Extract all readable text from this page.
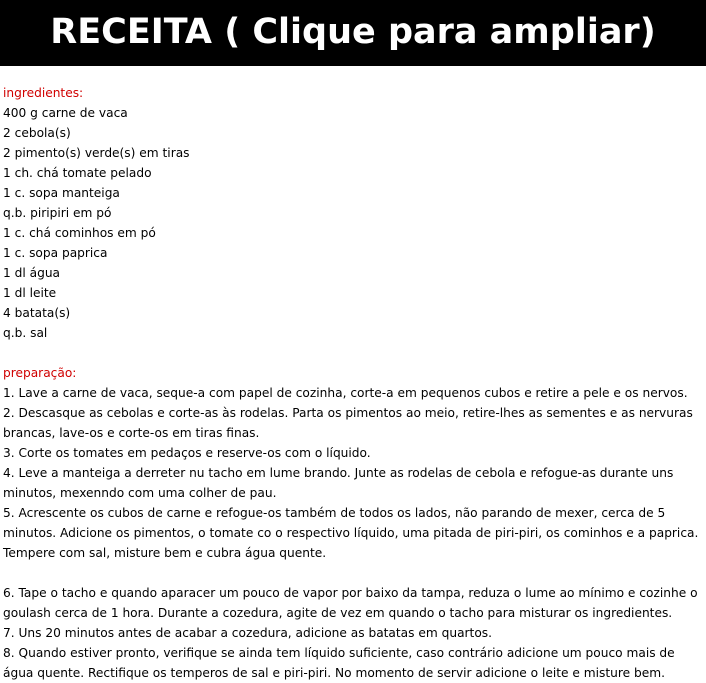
RECEITA ( Clique para ampliar)
ingredientes:
400 g carne de vaca
2 cebola(s)
2 pimento(s) verde(s) em tiras
1 ch. chá tomate pelado
1 c. sopa manteiga
q.b. piripiri em pó
1 c. chá cominhos em pó
1 c. sopa paprica
1 dl água
1 dl leite
4 batata(s)
q.b. sal
preparação:
1. Lave a carne de vaca, seque-a com papel de cozinha, corte-a em pequenos cubos e retire a pele e os nervos.
2. Descasque as cebolas e corte-as às rodelas. Parta os pimentos ao meio, retire-lhes as sementes e as nervuras
brancas, lave-os e corte-os em tiras finas.
3. Corte os tomates em pedaços e reserve-os com o líquido.
4. Leve a manteiga a derreter nu tacho em lume brando. Junte as rodelas de cebola e refogue-as durante uns
minutos, mexenndo com uma colher de pau.
5. Acrescente os cubos de carne e refogue-os também de todos os lados, não parando de mexer, cerca de 5
minutos. Adicione os pimentos, o tomate co o respectivo líquido, uma pitada de piri-piri, os cominhos e a paprica.
Tempere com sal, misture bem e cubra água quente.
6. Tape o tacho e quando aparacer um pouco de vapor por baixo da tampa, reduza o lume ao mínimo e cozinhe o
goulash cerca de 1 hora. Durante a cozedura, agite de vez em quando o tacho para misturar os ingredientes.
7. Uns 20 minutos antes de acabar a cozedura, adicione as batatas em quartos.
8. Quando estiver pronto, verifique se ainda tem líquido suficiente, caso contrário adicione um pouco mais de
água quente. Rectifique os temperos de sal e piri-piri. No momento de servir adicione o leite e misture bem.
